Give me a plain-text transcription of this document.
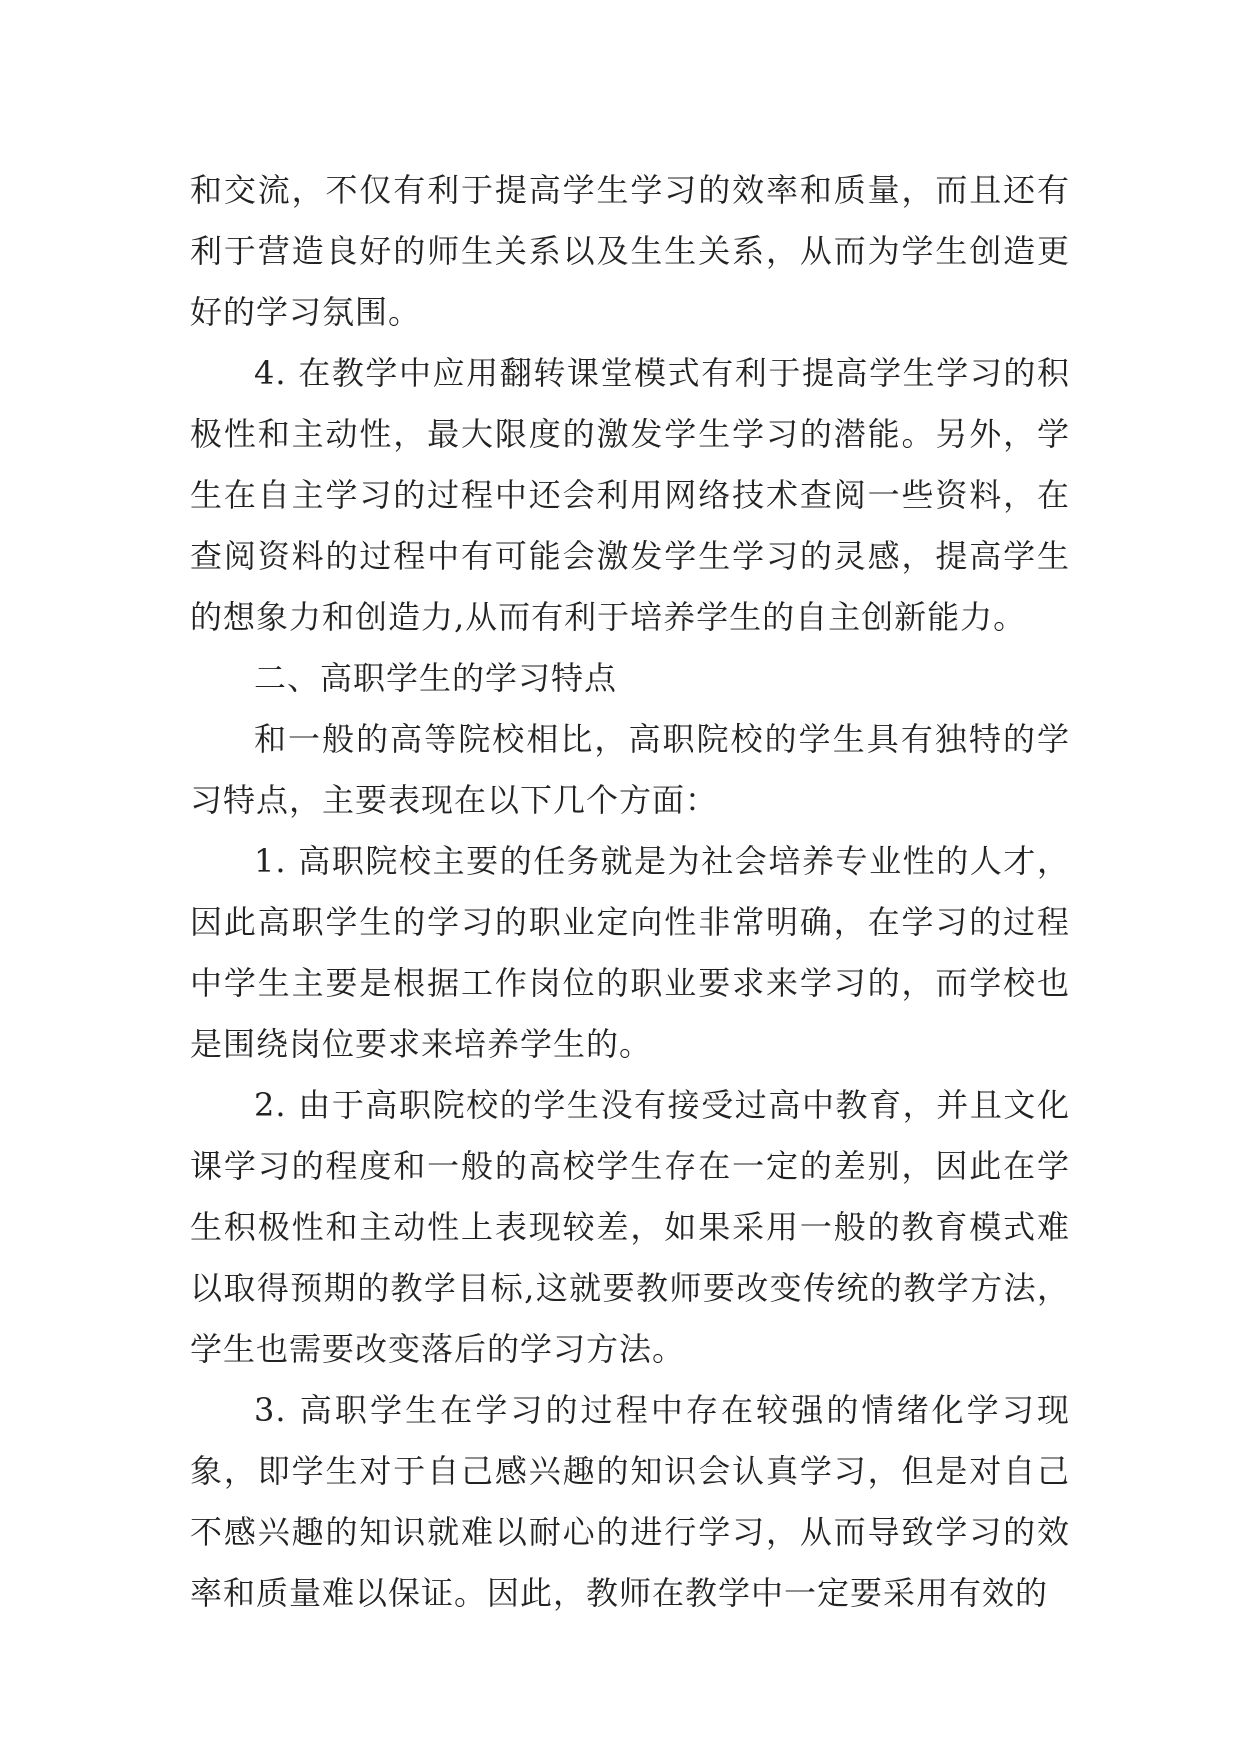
和交流，不仅有利于提高学生学习的效率和质量，而且还有利于营造良好的师生关系以及生生关系，从而为学生创造更好的学习氛围。

4. 在教学中应用翻转课堂模式有利于提高学生学习的积极性和主动性，最大限度的激发学生学习的潜能。另外，学生在自主学习的过程中还会利用网络技术查阅一些资料，在查阅资料的过程中有可能会激发学生学习的灵感，提高学生的想象力和创造力,从而有利于培养学生的自主创新能力。

二、高职学生的学习特点

和一般的高等院校相比，高职院校的学生具有独特的学习特点，主要表现在以下几个方面：

1. 高职院校主要的任务就是为社会培养专业性的人才，因此高职学生的学习的职业定向性非常明确，在学习的过程中学生主要是根据工作岗位的职业要求来学习的，而学校也是围绕岗位要求来培养学生的。

2. 由于高职院校的学生没有接受过高中教育，并且文化课学习的程度和一般的高校学生存在一定的差别，因此在学生积极性和主动性上表现较差，如果采用一般的教育模式难以取得预期的教学目标,这就要教师要改变传统的教学方法，学生也需要改变落后的学习方法。

3. 高职学生在学习的过程中存在较强的情绪化学习现象，即学生对于自己感兴趣的知识会认真学习，但是对自己不感兴趣的知识就难以耐心的进行学习，从而导致学习的效率和质量难以保证。因此，教师在教学中一定要采用有效的
